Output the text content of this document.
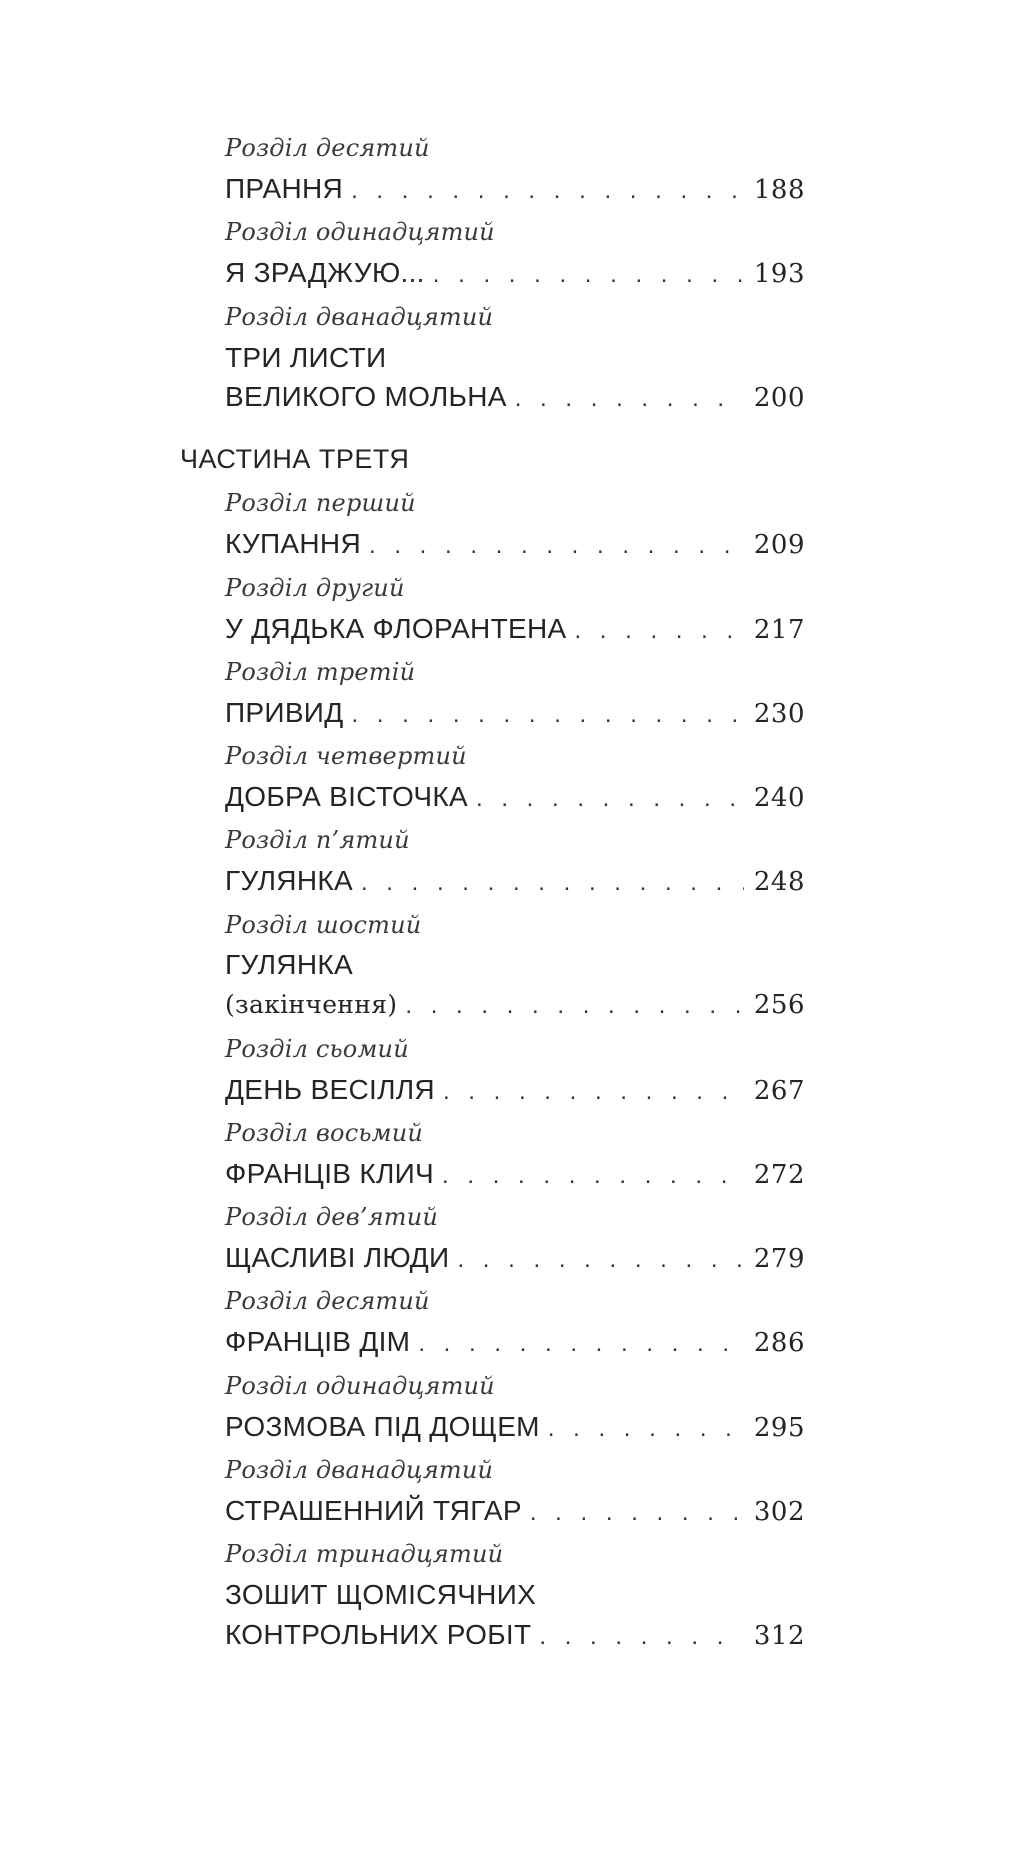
Розділ десятий
ПРАННЯ . . .	188
Розділ одинадцятий
Я ЗРАДЖУЮ... . . .	193
Розділ дванадцятий
ТРИ ЛИСТИ
ВЕЛИКОГО МОЛЬНА . . .	200
ЧАСТИНА ТРЕТЯ
Розділ перший
КУПАННЯ . . .	209
Розділ другий
У ДЯДЬКА ФЛОРАНТЕНА . . .	217
Розділ третій
ПРИВИД . . .	230
Розділ четвертий
ДОБРА ВІСТОЧКА . . .	240
Розділ п’ятий
ГУЛЯНКА . . .	248
Розділ шостий
ГУЛЯНКА
(закінчення) . . .	256
Розділ сьомий
ДЕНЬ ВЕСІЛЛЯ . . .	267
Розділ восьмий
ФРАНЦІВ КЛИЧ . . .	272
Розділ дев’ятий
ЩАСЛИВІ ЛЮДИ . . .	279
Розділ десятий
ФРАНЦІВ ДІМ . . .	286
Розділ одинадцятий
РОЗМОВА ПІД ДОЩЕМ . . .	295
Розділ дванадцятий
СТРАШЕННИЙ ТЯГАР . . .	302
Розділ тринадцятий
ЗОШИТ ЩОМІСЯЧНИХ
КОНТРОЛЬНИХ РОБІТ . . .	312
